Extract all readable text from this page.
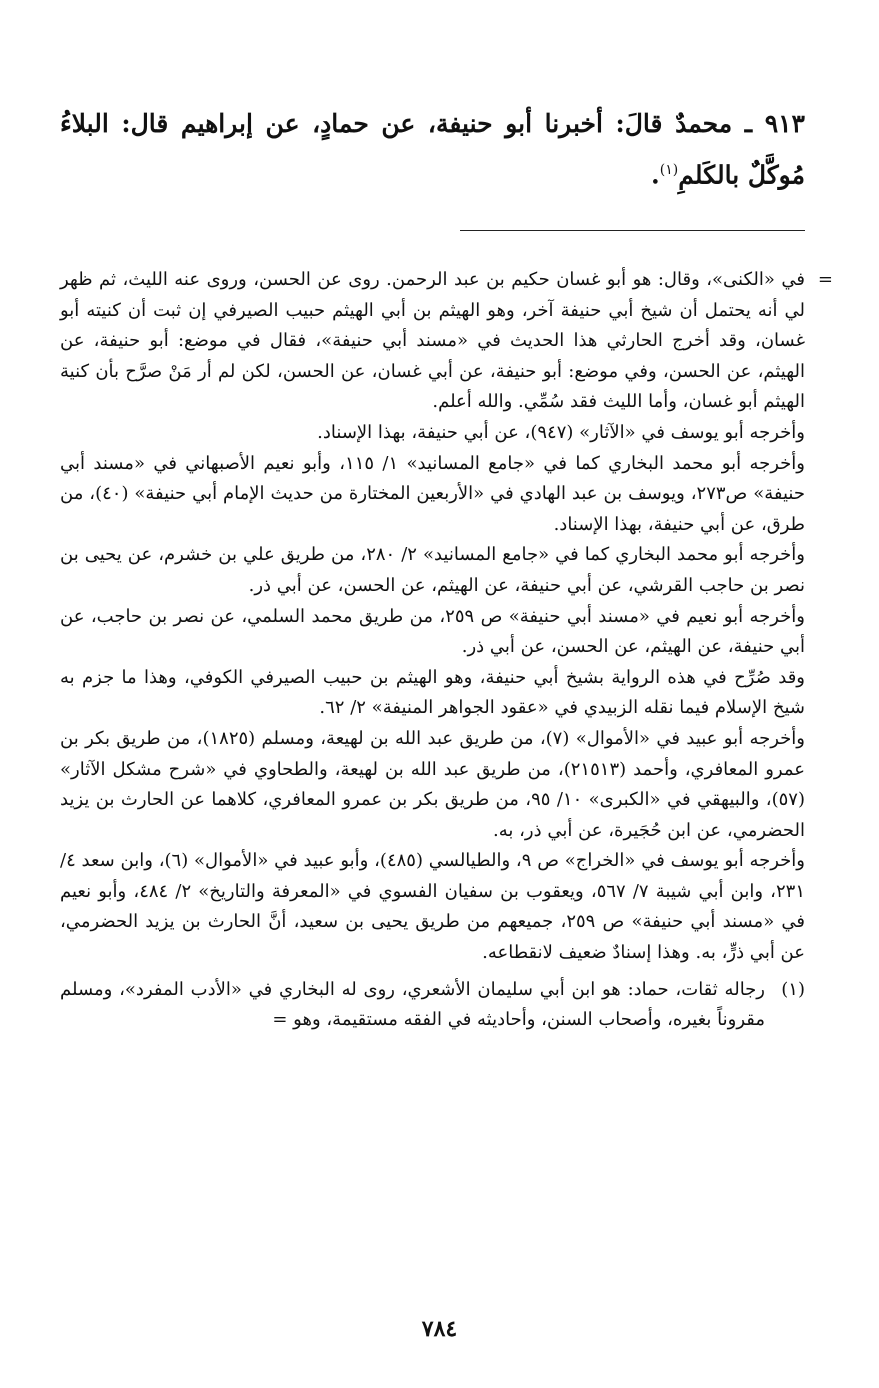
٩١٣ ـ محمدٌ قالَ: أخبرنا أبو حنيفة، عن حمادٍ، عن إبراهيم قال: البلاءُ مُوكَّلٌ بالكَلمِ$^{(١)}$.

=
في «الكنى»، وقال: هو أبو غسان حكيم بن عبد الرحمن. روى عن الحسن، وروى عنه الليث، ثم ظهر لي أنه يحتمل أن شيخ أبي حنيفة آخر، وهو الهيثم بن أبي الهيثم حبيب الصيرفي إن ثبت أن كنيته أبو غسان، وقد أخرج الحارثي هذا الحديث في «مسند أبي حنيفة»، فقال في موضع: أبو حنيفة، عن الهيثم، عن الحسن، وفي موضع: أبو حنيفة، عن أبي غسان، عن الحسن، لكن لم أر مَنْ صرَّح بأن كنية الهيثم أبو غسان، وأما الليث فقد سُمِّي. والله أعلم.

وأخرجه أبو يوسف في «الآثار» (٩٤٧)، عن أبي حنيفة، بهذا الإسناد.

وأخرجه أبو محمد البخاري كما في «جامع المسانيد» ١/ ١١٥، وأبو نعيم الأصبهاني في «مسند أبي حنيفة» ص٢٧٣، ويوسف بن عبد الهادي في «الأربعين المختارة من حديث الإمام أبي حنيفة» (٤٠)، من طرق، عن أبي حنيفة، بهذا الإسناد.

وأخرجه أبو محمد البخاري كما في «جامع المسانيد» ٢/ ٢٨٠، من طريق علي بن خشرم، عن يحيى بن نصر بن حاجب القرشي، عن أبي حنيفة، عن الهيثم، عن الحسن، عن أبي ذر.

وأخرجه أبو نعيم في «مسند أبي حنيفة» ص ٢٥٩، من طريق محمد السلمي، عن نصر بن حاجب، عن أبي حنيفة، عن الهيثم، عن الحسن، عن أبي ذر.

وقد صُرِّح في هذه الرواية بشيخ أبي حنيفة، وهو الهيثم بن حبيب الصيرفي الكوفي، وهذا ما جزم به شيخ الإسلام فيما نقله الزبيدي في «عقود الجواهر المنيفة» ٢/ ٦٢.

وأخرجه أبو عبيد في «الأموال» (٧)، من طريق عبد الله بن لهيعة، ومسلم (١٨٢٥)، من طريق بكر بن عمرو المعافري، وأحمد (٢١٥١٣)، من طريق عبد الله بن لهيعة، والطحاوي في «شرح مشكل الآثار» (٥٧)، والبيهقي في «الكبرى» ١٠/ ٩٥، من طريق بكر بن عمرو المعافري، كلاهما عن الحارث بن يزيد الحضرمي، عن ابن حُجَيرة، عن أبي ذر، به.

وأخرجه أبو يوسف في «الخراج» ص ٩، والطيالسي (٤٨٥)، وأبو عبيد في «الأموال» (٦)، وابن سعد ٤/ ٢٣١، وابن أبي شيبة ٧/ ٥٦٧، ويعقوب بن سفيان الفسوي في «المعرفة والتاريخ» ٢/ ٤٨٤، وأبو نعيم في «مسند أبي حنيفة» ص ٢٥٩، جميعهم من طريق يحيى بن سعيد، أنَّ الحارث بن يزيد الحضرمي، عن أبي ذرٍّ، به. وهذا إسنادٌ ضعيف لانقطاعه.

(١)
رجاله ثقات، حماد: هو ابن أبي سليمان الأشعري، روى له البخاري في «الأدب المفرد»، ومسلم مقروناً بغيره، وأصحاب السنن، وأحاديثه في الفقه مستقيمة، وهو =

٧٨٤
